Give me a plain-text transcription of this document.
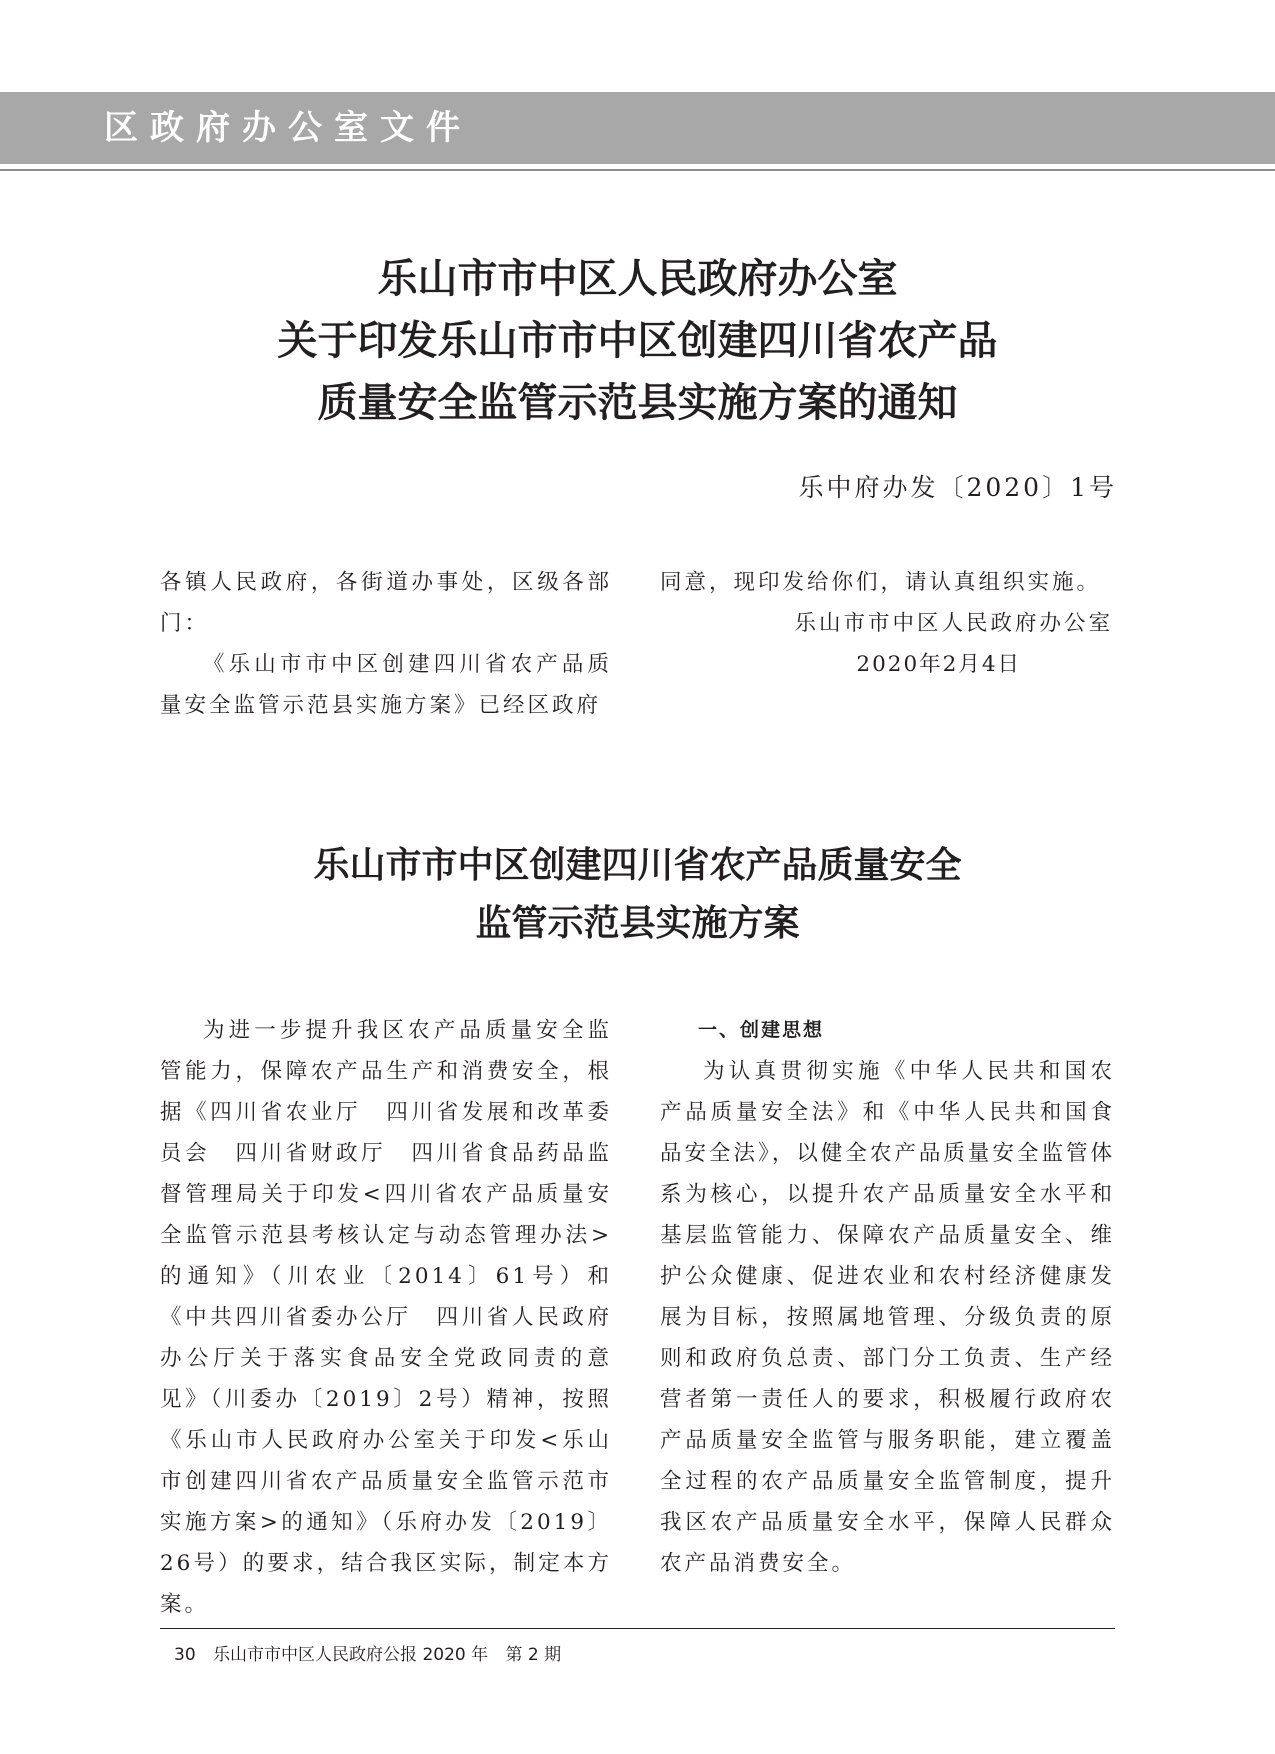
区政府办公室文件
乐山市市中区人民政府办公室
关于印发乐山市市中区创建四川省农产品
质量安全监管示范县实施方案的通知
乐中府办发〔2020〕1号

各镇人民政府，各街道办事处，区级各部门：

《乐山市市中区创建四川省农产品质量安全监管示范县实施方案》已经区政府

同意，现印发给你们，请认真组织实施。

乐山市市中区人民政府办公室

2020年2月4日

乐山市市中区创建四川省农产品质量安全
监管示范县实施方案

为进一步提升我区农产品质量安全监管能力，保障农产品生产和消费安全，根据《四川省农业厅　四川省发展和改革委员会　四川省财政厅　四川省食品药品监督管理局关于印发<四川省农产品质量安全监管示范县考核认定与动态管理办法>的通知》（川农业〔2014〕61号）和《中共四川省委办公厅　四川省人民政府办公厅关于落实食品安全党政同责的意见》（川委办〔2019〕2号）精神，按照《乐山市人民政府办公室关于印发<乐山市创建四川省农产品质量安全监管示范市实施方案>的通知》（乐府办发〔2019〕26号）的要求，结合我区实际，制定本方案。

一、创建思想

为认真贯彻实施《中华人民共和国农产品质量安全法》和《中华人民共和国食品安全法》，以健全农产品质量安全监管体系为核心，以提升农产品质量安全水平和基层监管能力、保障农产品质量安全、维护公众健康、促进农业和农村经济健康发展为目标，按照属地管理、分级负责的原则和政府负总责、部门分工负责、生产经营者第一责任人的要求，积极履行政府农产品质量安全监管与服务职能，建立覆盖全过程的农产品质量安全监管制度，提升我区农产品质量安全水平，保障人民群众农产品消费安全。

30 乐山市市中区人民政府公报 2020 年 第 2 期
